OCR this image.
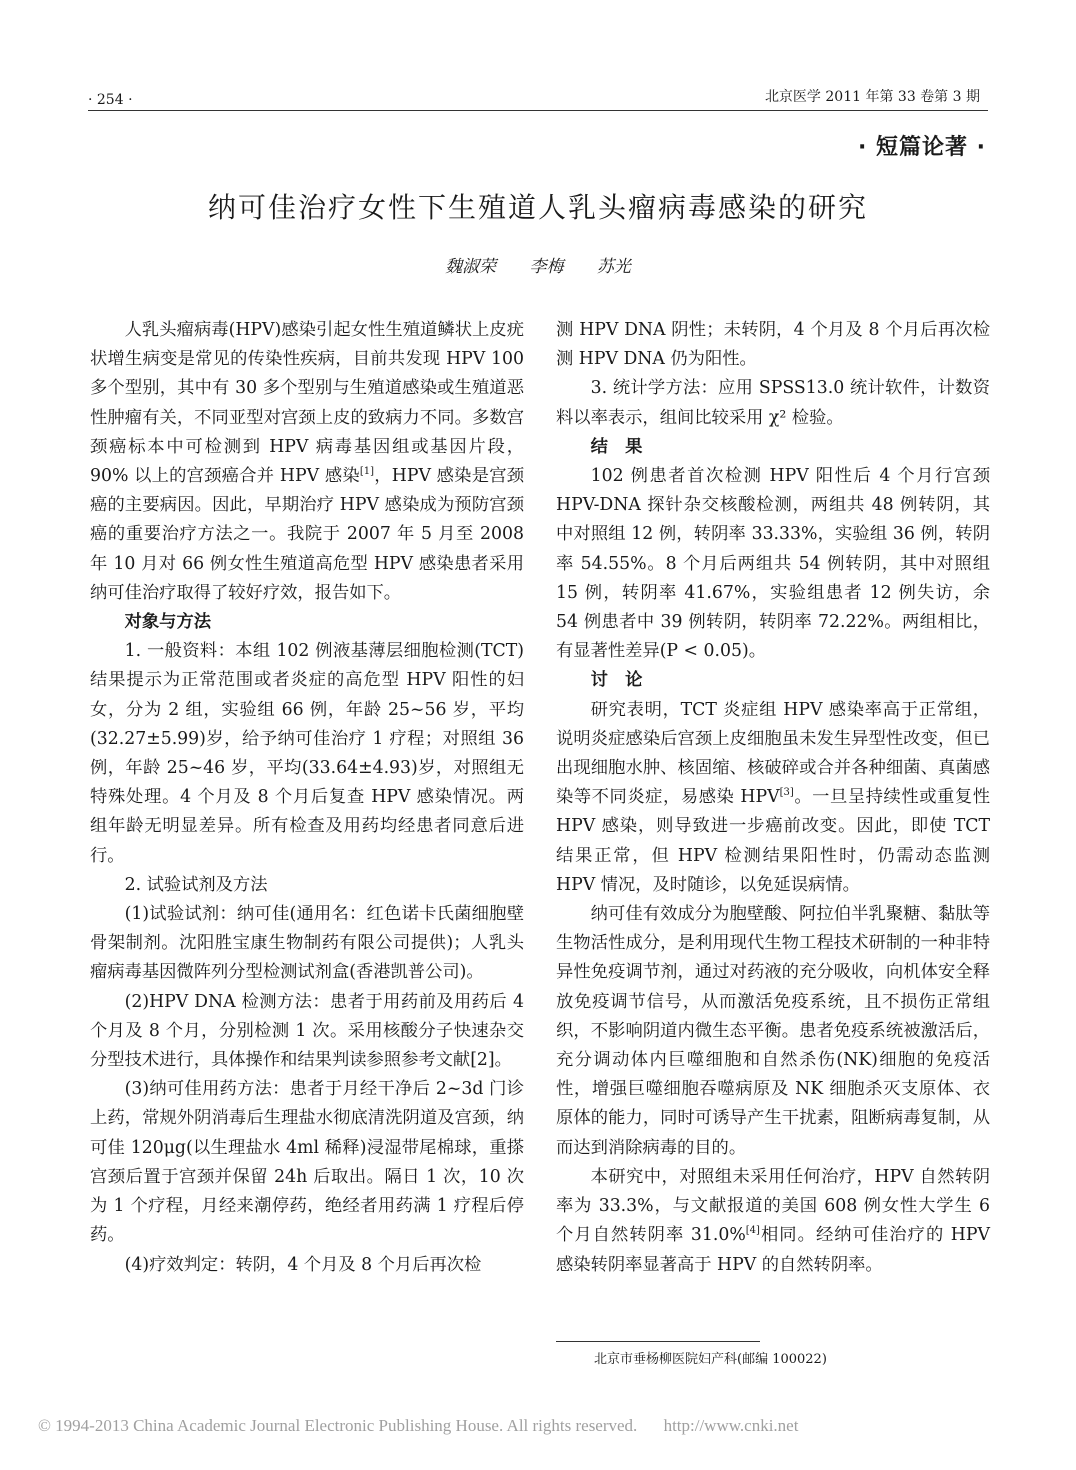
· 254 ·	北京医学 2011 年第 33 卷第 3 期
· 短篇论著 ·
纳可佳治疗女性下生殖道人乳头瘤病毒感染的研究
魏淑荣 李梅 苏光

人乳头瘤病毒(HPV)感染引起女性生殖道鳞状上皮疣状增生病变是常见的传染性疾病，目前共发现 HPV 100 多个型别，其中有 30 多个型别与生殖道感染或生殖道恶性肿瘤有关，不同亚型对宫颈上皮的致病力不同。多数宫颈癌标本中可检测到 HPV 病毒基因组或基因片段，90% 以上的宫颈癌合并 HPV 感染[1]，HPV 感染是宫颈癌的主要病因。因此，早期治疗 HPV 感染成为预防宫颈癌的重要治疗方法之一。我院于 2007 年 5 月至 2008 年 10 月对 66 例女性生殖道高危型 HPV 感染患者采用纳可佳治疗取得了较好疗效，报告如下。

对象与方法

1. 一般资料：本组 102 例液基薄层细胞检测(TCT)结果提示为正常范围或者炎症的高危型 HPV 阳性的妇女，分为 2 组，实验组 66 例，年龄 25~56 岁，平均(32.27±5.99)岁，给予纳可佳治疗 1 疗程；对照组 36 例，年龄 25~46 岁，平均(33.64±4.93)岁，对照组无特殊处理。4 个月及 8 个月后复查 HPV 感染情况。两组年龄无明显差异。所有检查及用药均经患者同意后进行。

2. 试验试剂及方法

(1)试验试剂：纳可佳(通用名：红色诺卡氏菌细胞壁骨架制剂。沈阳胜宝康生物制药有限公司提供)；人乳头瘤病毒基因微阵列分型检测试剂盒(香港凯普公司)。

(2)HPV DNA 检测方法：患者于用药前及用药后 4 个月及 8 个月，分别检测 1 次。采用核酸分子快速杂交分型技术进行，具体操作和结果判读参照参考文献[2]。

(3)纳可佳用药方法：患者于月经干净后 2~3d 门诊上药，常规外阴消毒后生理盐水彻底清洗阴道及宫颈，纳可佳 120μg(以生理盐水 4ml 稀释)浸湿带尾棉球，重搽宫颈后置于宫颈并保留 24h 后取出。隔日 1 次，10 次为 1 个疗程，月经来潮停药，绝经者用药满 1 疗程后停药。

(4)疗效判定：转阴，4 个月及 8 个月后再次检

测 HPV DNA 阴性；未转阴，4 个月及 8 个月后再次检测 HPV DNA 仍为阳性。

3. 统计学方法：应用 SPSS13.0 统计软件，计数资料以率表示，组间比较采用 χ² 检验。

结　果

102 例患者首次检测 HPV 阳性后 4 个月行宫颈 HPV-DNA 探针杂交核酸检测，两组共 48 例转阴，其中对照组 12 例，转阴率 33.33%，实验组 36 例，转阴率 54.55%。8 个月后两组共 54 例转阴，其中对照组 15 例，转阴率 41.67%，实验组患者 12 例失访，余 54 例患者中 39 例转阴，转阴率 72.22%。两组相比，有显著性差异(P < 0.05)。

讨　论

研究表明，TCT 炎症组 HPV 感染率高于正常组，说明炎症感染后宫颈上皮细胞虽未发生异型性改变，但已出现细胞水肿、核固缩、核破碎或合并各种细菌、真菌感染等不同炎症，易感染 HPV[3]。一旦呈持续性或重复性 HPV 感染，则导致进一步癌前改变。因此，即使 TCT 结果正常，但 HPV 检测结果阳性时，仍需动态监测 HPV 情况，及时随诊，以免延误病情。

纳可佳有效成分为胞壁酸、阿拉伯半乳聚糖、黏肽等生物活性成分，是利用现代生物工程技术研制的一种非特异性免疫调节剂，通过对药液的充分吸收，向机体安全释放免疫调节信号，从而激活免疫系统，且不损伤正常组织，不影响阴道内微生态平衡。患者免疫系统被激活后，充分调动体内巨噬细胞和自然杀伤(NK)细胞的免疫活性，增强巨噬细胞吞噬病原及 NK 细胞杀灭支原体、衣原体的能力，同时可诱导产生干扰素，阻断病毒复制，从而达到消除病毒的目的。

本研究中，对照组未采用任何治疗，HPV 自然转阴率为 33.3%，与文献报道的美国 608 例女性大学生 6 个月自然转阴率 31.0%[4]相同。经纳可佳治疗的 HPV 感染转阴率显著高于 HPV 的自然转阴率。

北京市垂杨柳医院妇产科(邮编 100022)
© 1994-2013 China Academic Journal Electronic Publishing House. All rights reserved. http://www.cnki.net
